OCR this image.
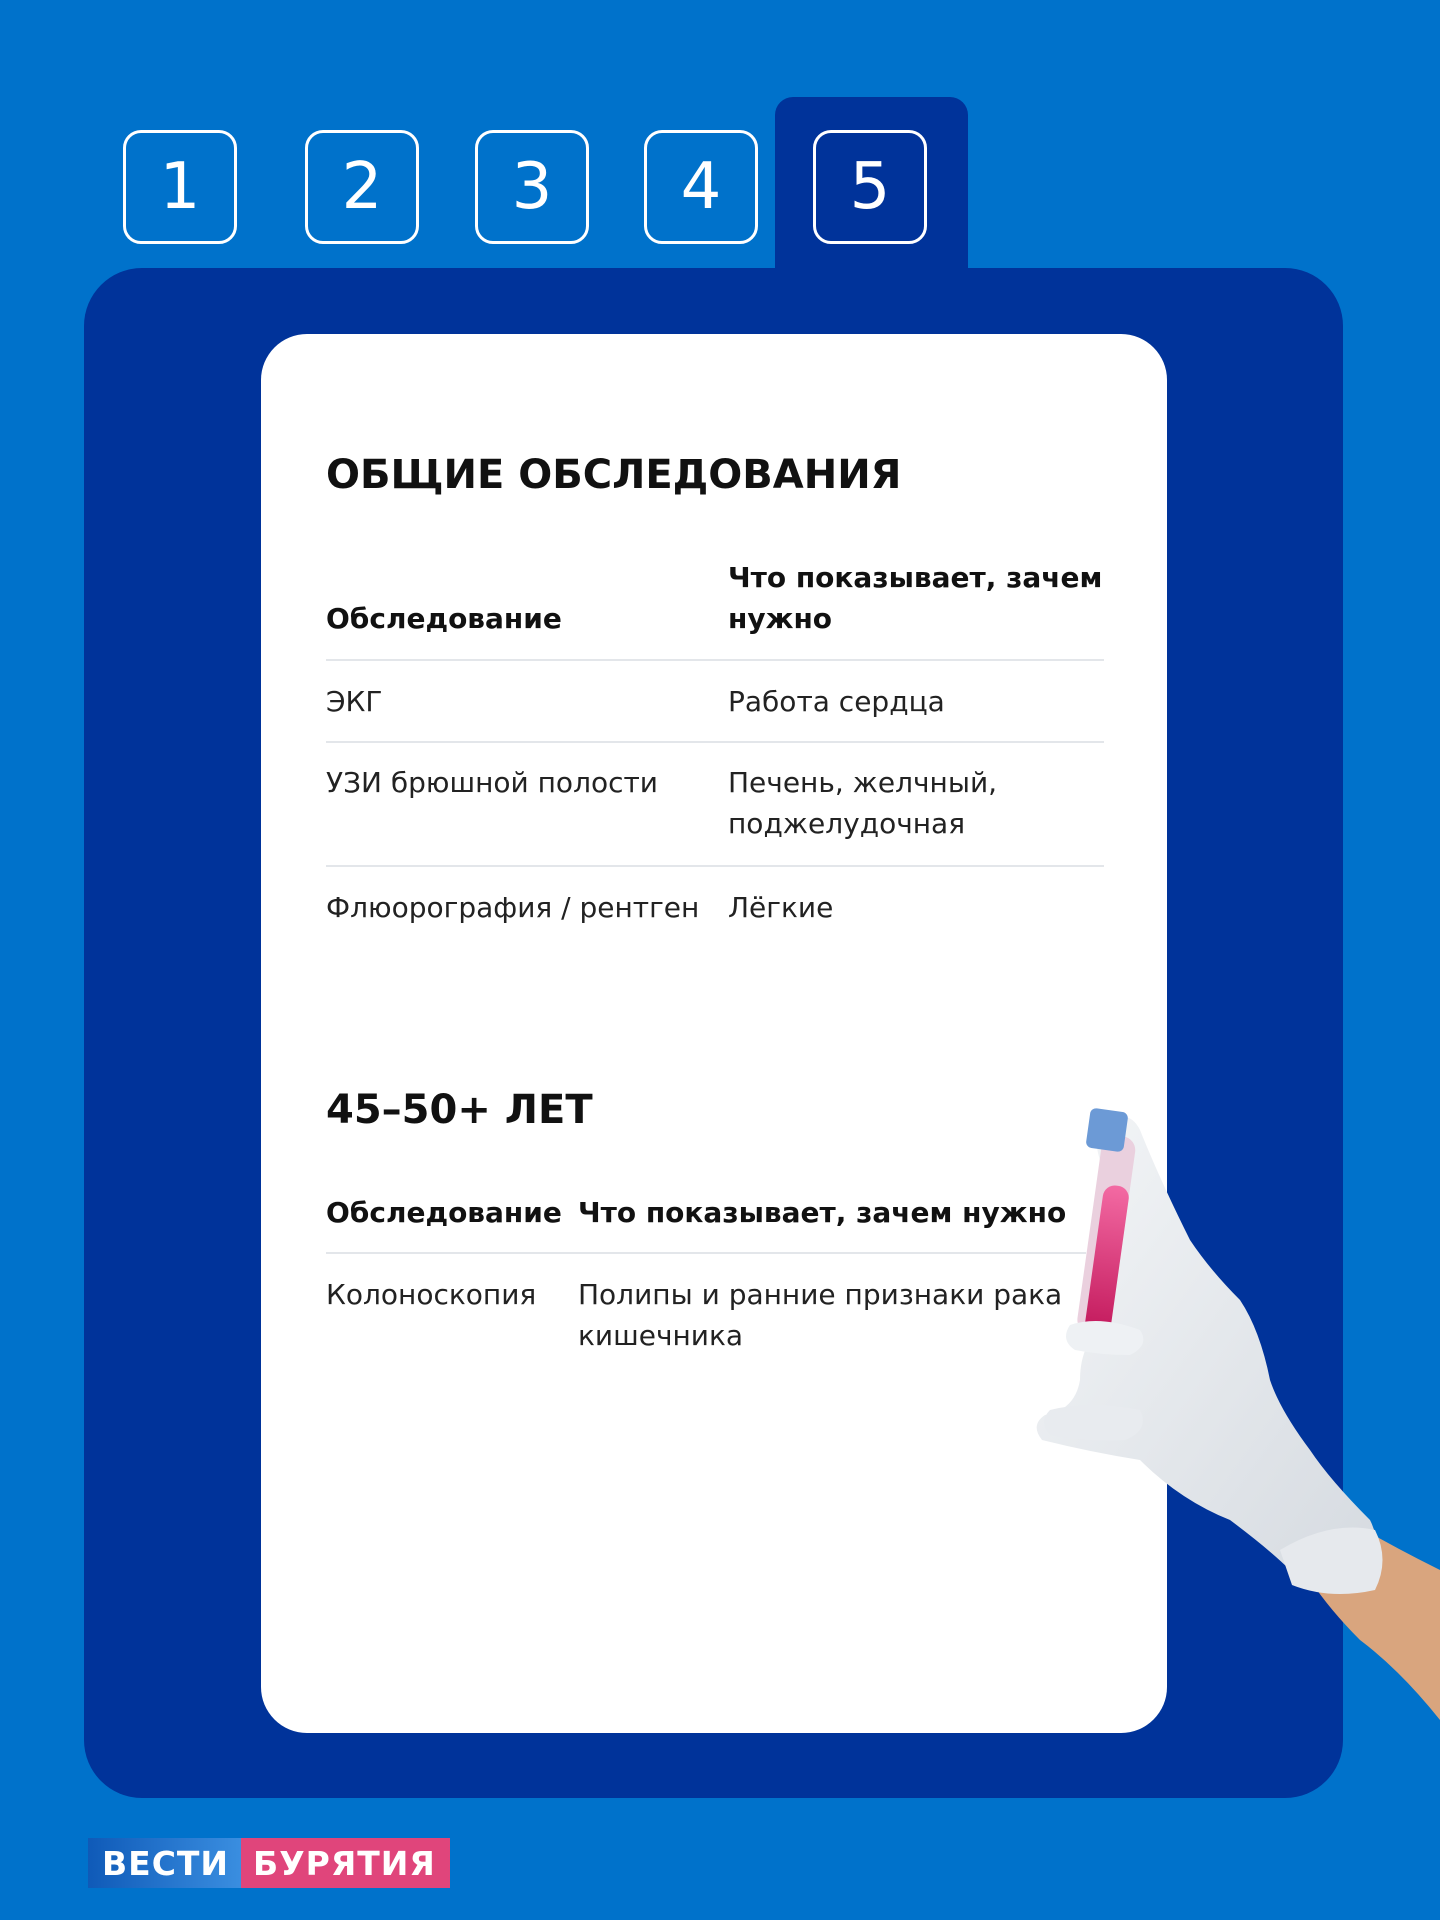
1 2 3 4 5
ОБЩИЕ ОБСЛЕДОВАНИЯ
Обследование
Что показывает, зачем
нужно
ЭКГ	Работа сердца
УЗИ брюшной полости	Печень, желчный,
поджелудочная
Флюорография / рентген Лёгкие
45–50+ ЛЕТ
Обследование Что показывает, зачем нужно
Колоноскопия Полипы и ранние признаки рака
кишечника
ВЕСТИ БУРЯТИЯ
